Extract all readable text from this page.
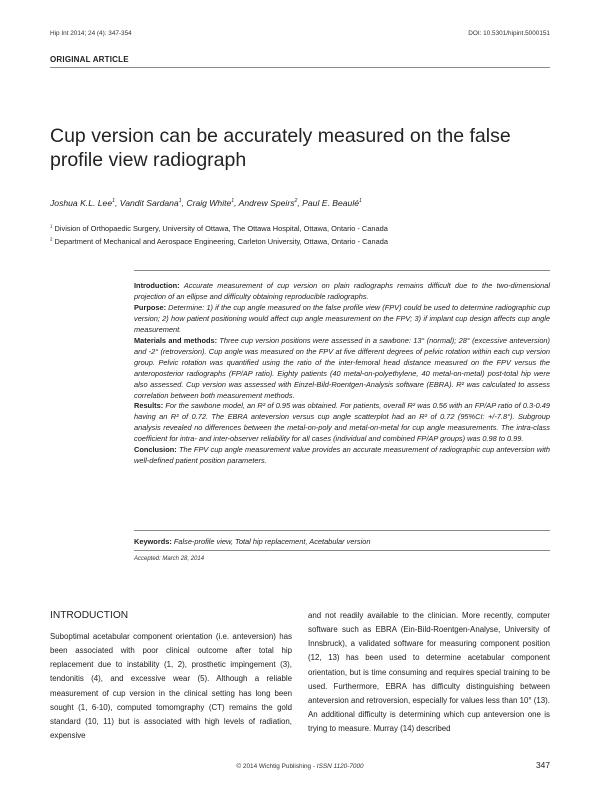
Hip Int 2014; 24 (4): 347-354	DOI: 10.5301/hipint.5000151
ORIGINAL ARTICLE
Cup version can be accurately measured on the false profile view radiograph
Joshua K.L. Lee$^1$, Vandit Sardana$^1$, Craig White$^1$, Andrew Speirs$^2$, Paul E. Beaulé$^1$
$^1$ Division of Orthopaedic Surgery, University of Ottawa, The Ottawa Hospital, Ottawa, Ontario - Canada
$^2$ Department of Mechanical and Aerospace Engineering, Carleton University, Ottawa, Ontario - Canada

Introduction: Accurate measurement of cup version on plain radiographs remains difficult due to the two-dimensional projection of an ellipse and difficulty obtaining reproducible radiographs.

Purpose: Determine: 1) if the cup angle measured on the false profile view (FPV) could be used to determine radiographic cup version; 2) how patient positioning would affect cup angle measurement on the FPV; 3) if implant cup design affects cup angle measurement.

Materials and methods: Three cup version positions were assessed in a sawbone: 13° (normal); 28° (excessive anteversion) and -2° (retroversion). Cup angle was measured on the FPV at five different degrees of pelvic rotation within each cup version group. Pelvic rotation was quantified using the ratio of the inter-femoral head distance measured on the FPV versus the anteroposterior radiographs (FP/AP ratio). Eighty patients (40 metal-on-polyethylene, 40 metal-on-metal) post-total hip were also assessed. Cup version was assessed with Einzel-Bild-Roentgen-Analysis software (EBRA). R² was calculated to assess correlation between both measurement methods.

Results: For the sawbone model, an R² of 0.95 was obtained. For patients, overall R² was 0.56 with an FP/AP ratio of 0.3-0.49 having an R² of 0.72. The EBRA anteversion versus cup angle scatterplot had an R² of 0.72 (95%CI: +/-7.8°). Subgroup analysis revealed no differences between the metal-on-poly and metal-on-metal for cup angle measurements. The intra-class coefficient for intra- and inter-observer reliability for all cases (individual and combined FP/AP groups) was 0.98 to 0.99.

Conclusion: The FPV cup angle measurement value provides an accurate measurement of radiographic cup anteversion with well-defined patient position parameters.

Keywords: False-profile view, Total hip replacement, Acetabular version
Accepted: March 28, 2014
INTRODUCTION
Suboptimal acetabular component orientation (i.e. anteversion) has been associated with poor clinical outcome after total hip replacement due to instability (1, 2), prosthetic impingement (3), tendonitis (4), and excessive wear (5). Although a reliable measurement of cup version in the clinical setting has long been sought (1, 6-10), computed tomomgraphy (CT) remains the gold standard (10, 11) but is associated with high levels of radiation, expensive
and not readily available to the clinician. More recently, computer software such as EBRA (Ein-Bild-Roentgen-Analyse, University of Innsbruck), a validated software for measuring component position (12, 13) has been used to determine acetabular component orientation, but is time consuming and requires special training to be used. Furthermore, EBRA has difficulty distinguishing between anteversion and retroversion, especially for values less than 10° (13). An additional difficulty is determining which cup anteversion one is trying to measure. Murray (14) described
© 2014 Wichtig Publishing - ISSN 1120-7000	347
